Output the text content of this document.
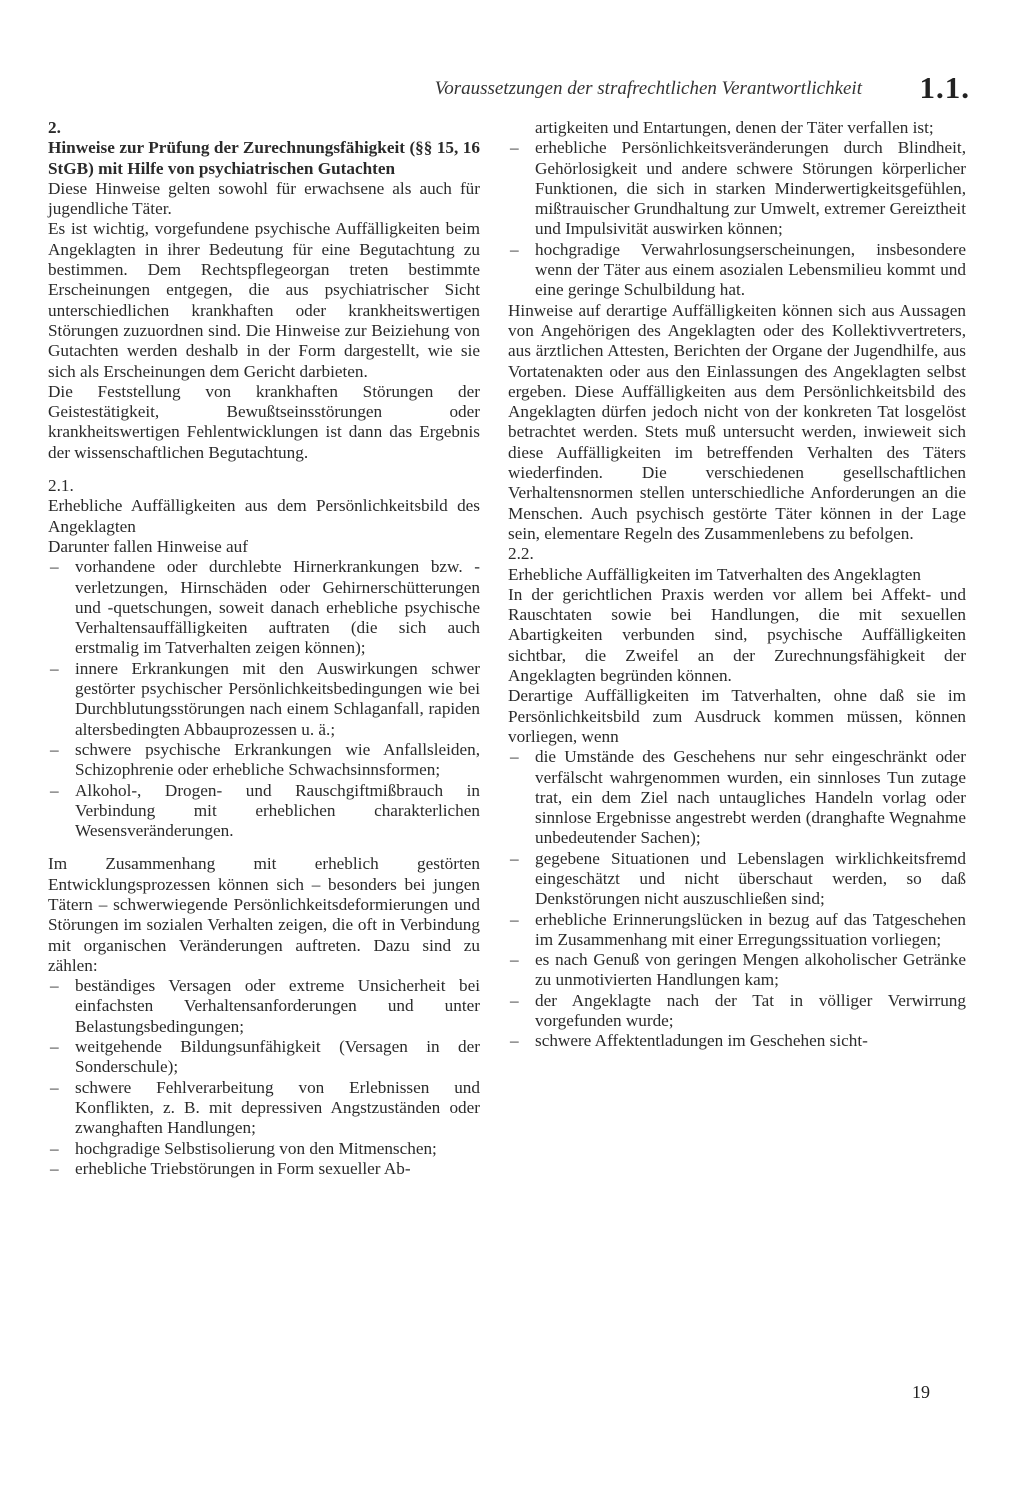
Voraussetzungen der strafrechtlichen Verantwortlichkeit 1.1.

2.

Hinweise zur Prüfung der Zurechnungsfähigkeit (§§ 15, 16 StGB) mit Hilfe von psychiatrischen Gutachten

Diese Hinweise gelten sowohl für erwachsene als auch für jugendliche Täter.

Es ist wichtig, vorgefundene psychische Auffälligkeiten beim Angeklagten in ihrer Bedeutung für eine Begutachtung zu bestimmen. Dem Rechtspflegeorgan treten bestimmte Erscheinungen entgegen, die aus psychiatrischer Sicht unterschiedlichen krankhaften oder krankheitswertigen Störungen zuzuordnen sind. Die Hinweise zur Beiziehung von Gutachten werden deshalb in der Form dargestellt, wie sie sich als Erscheinungen dem Gericht darbieten.

Die Feststellung von krankhaften Störungen der Geistestätigkeit, Bewußtseinsstörungen oder krankheitswertigen Fehlentwicklungen ist dann das Ergebnis der wissenschaftlichen Begutachtung.

2.1.

Erhebliche Auffälligkeiten aus dem Persönlichkeitsbild des Angeklagten

Darunter fallen Hinweise auf

– vorhandene oder durchlebte Hirnerkrankungen bzw. -verletzungen, Hirnschäden oder Gehirnerschütterungen und -quetschungen, soweit danach erhebliche psychische Verhaltensauffälligkeiten auftraten (die sich auch erstmalig im Tatverhalten zeigen können);
– innere Erkrankungen mit den Auswirkungen schwer gestörter psychischer Persönlichkeitsbedingungen wie bei Durchblutungsstörungen nach einem Schlaganfall, rapiden altersbedingten Abbauprozessen u. ä.;
– schwere psychische Erkrankungen wie Anfallsleiden, Schizophrenie oder erhebliche Schwachsinnsformen;
– Alkohol-, Drogen- und Rauschgiftmißbrauch in Verbindung mit erheblichen charakterlichen Wesensveränderungen.

Im Zusammenhang mit erheblich gestörten Entwicklungsprozessen können sich – besonders bei jungen Tätern – schwerwiegende Persönlichkeitsdeformierungen und Störungen im sozialen Verhalten zeigen, die oft in Verbindung mit organischen Veränderungen auftreten. Dazu sind zu zählen:

– beständiges Versagen oder extreme Unsicherheit bei einfachsten Verhaltensanforderungen und unter Belastungsbedingungen;
– weitgehende Bildungsunfähigkeit (Versagen in der Sonderschule);
– schwere Fehlverarbeitung von Erlebnissen und Konflikten, z. B. mit depressiven Angstzuständen oder zwanghaften Handlungen;
– hochgradige Selbstisolierung von den Mitmenschen;
– erhebliche Triebstörungen in Form sexueller Ab-

artigkeiten und Entartungen, denen der Täter verfallen ist;

– erhebliche Persönlichkeitsveränderungen durch Blindheit, Gehörlosigkeit und andere schwere Störungen körperlicher Funktionen, die sich in starken Minderwertigkeitsgefühlen, mißtrauischer Grundhaltung zur Umwelt, extremer Gereiztheit und Impulsivität auswirken können;
– hochgradige Verwahrlosungserscheinungen, insbesondere wenn der Täter aus einem asozialen Lebensmilieu kommt und eine geringe Schulbildung hat.

Hinweise auf derartige Auffälligkeiten können sich aus Aussagen von Angehörigen des Angeklagten oder des Kollektivvertreters, aus ärztlichen Attesten, Berichten der Organe der Jugendhilfe, aus Vortatenakten oder aus den Einlassungen des Angeklagten selbst ergeben. Diese Auffälligkeiten aus dem Persönlichkeitsbild des Angeklagten dürfen jedoch nicht von der konkreten Tat losgelöst betrachtet werden. Stets muß untersucht werden, inwieweit sich diese Auffälligkeiten im betreffenden Verhalten des Täters wiederfinden. Die verschiedenen gesellschaftlichen Verhaltensnormen stellen unterschiedliche Anforderungen an die Menschen. Auch psychisch gestörte Täter können in der Lage sein, elementare Regeln des Zusammenlebens zu befolgen.

2.2.

Erhebliche Auffälligkeiten im Tatverhalten des Angeklagten

In der gerichtlichen Praxis werden vor allem bei Affekt- und Rauschtaten sowie bei Handlungen, die mit sexuellen Abartigkeiten verbunden sind, psychische Auffälligkeiten sichtbar, die Zweifel an der Zurechnungsfähigkeit der Angeklagten begründen können.

Derartige Auffälligkeiten im Tatverhalten, ohne daß sie im Persönlichkeitsbild zum Ausdruck kommen müssen, können vorliegen, wenn

– die Umstände des Geschehens nur sehr eingeschränkt oder verfälscht wahrgenommen wurden, ein sinnloses Tun zutage trat, ein dem Ziel nach untaugliches Handeln vorlag oder sinnlose Ergebnisse angestrebt werden (dranghafte Wegnahme unbedeutender Sachen);
– gegebene Situationen und Lebenslagen wirklichkeitsfremd eingeschätzt und nicht überschaut werden, so daß Denkstörungen nicht auszuschließen sind;
– erhebliche Erinnerungslücken in bezug auf das Tatgeschehen im Zusammenhang mit einer Erregungssituation vorliegen;
– es nach Genuß von geringen Mengen alkoholischer Getränke zu unmotivierten Handlungen kam;
– der Angeklagte nach der Tat in völliger Verwirrung vorgefunden wurde;
– schwere Affektentladungen im Geschehen sicht-
19
